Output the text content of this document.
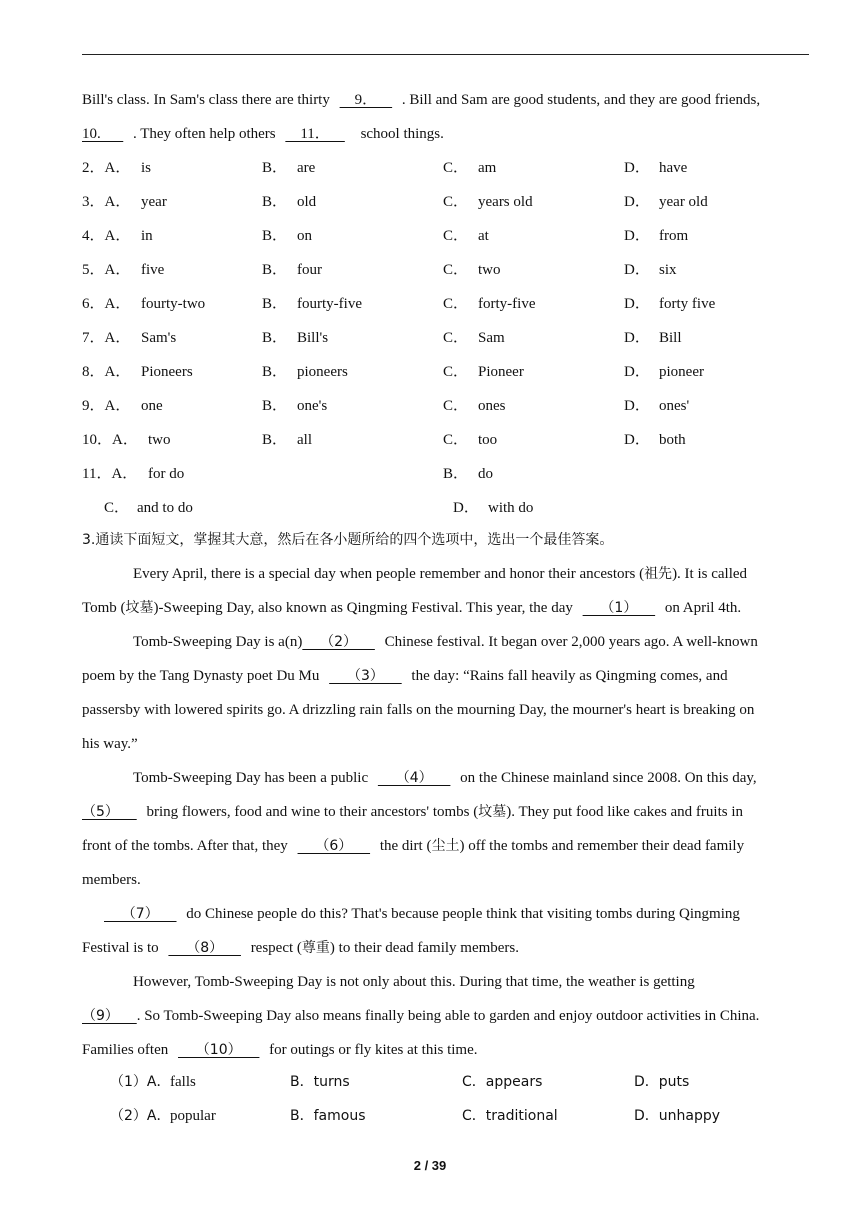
Bill's class. In Sam's class there are thirty     9．     . Bill and Sam are good students, and they are good friends,
10.       . They often help others     11．     school things.
2．A． is	B． are	C． am	D． have
3．A． year	B． old	C． years old	D． year old
4．A． in	B． on	C． at	D． from
5．A． five	B． four	C． two	D． six
6．A． fourty-two	B． fourty-five	C． forty-five	D． forty five
7．A． Sam's	B． Bill's	C． Sam	D． Bill
8．A． Pioneers	B． pioneers	C． Pioneer	D． pioneer
9．A． one	B． one's	C． ones	D． ones'
10．A． two	B． all	C． too	D． both
11．A． for do	B． do
C． and to do	D． with do
3.通读下面短文，掌握其大意，然后在各小题所给的四个选项中，选出一个最佳答案。
Every April, there is a special day when people remember and honor their ancestors (祖先). It is called
Tomb (坟墓)-Sweeping Day, also known as Qingming Festival. This year, the day     （1）     on April 4th.
Tomb-Sweeping Day is a(n)    （2）     Chinese festival. It began over 2,000 years ago. A well-known
poem by the Tang Dynasty poet Du Mu     （3）     the day: “Rains fall heavily as Qingming comes, and
passersby with lowered spirits go. A drizzling rain falls on the mourning Day, the mourner's heart is breaking on
his way.”
Tomb-Sweeping Day has been a public     （4）     on the Chinese mainland since 2008. On this day,
（5）     bring flowers, food and wine to their ancestors' tombs (坟墓). They put food like cakes and fruits in
front of the tombs. After that, they     （6）     the dirt (尘土) off the tombs and remember their dead family
members.
（7）     do Chinese people do this? That's because people think that visiting tombs during Qingming
Festival is to     （8）     respect (尊重) to their dead family members.
However, Tomb-Sweeping Day is not only about this. During that time, the weather is getting
（9）    . So Tomb-Sweeping Day also means finally being able to garden and enjoy outdoor activities in China.
Families often     （10）     for outings or fly kites at this time.
（1）A． falls	B．turns	C．appears	D．puts
（2）A． popular	B．famous	C．traditional	D．unhappy
2 / 39
